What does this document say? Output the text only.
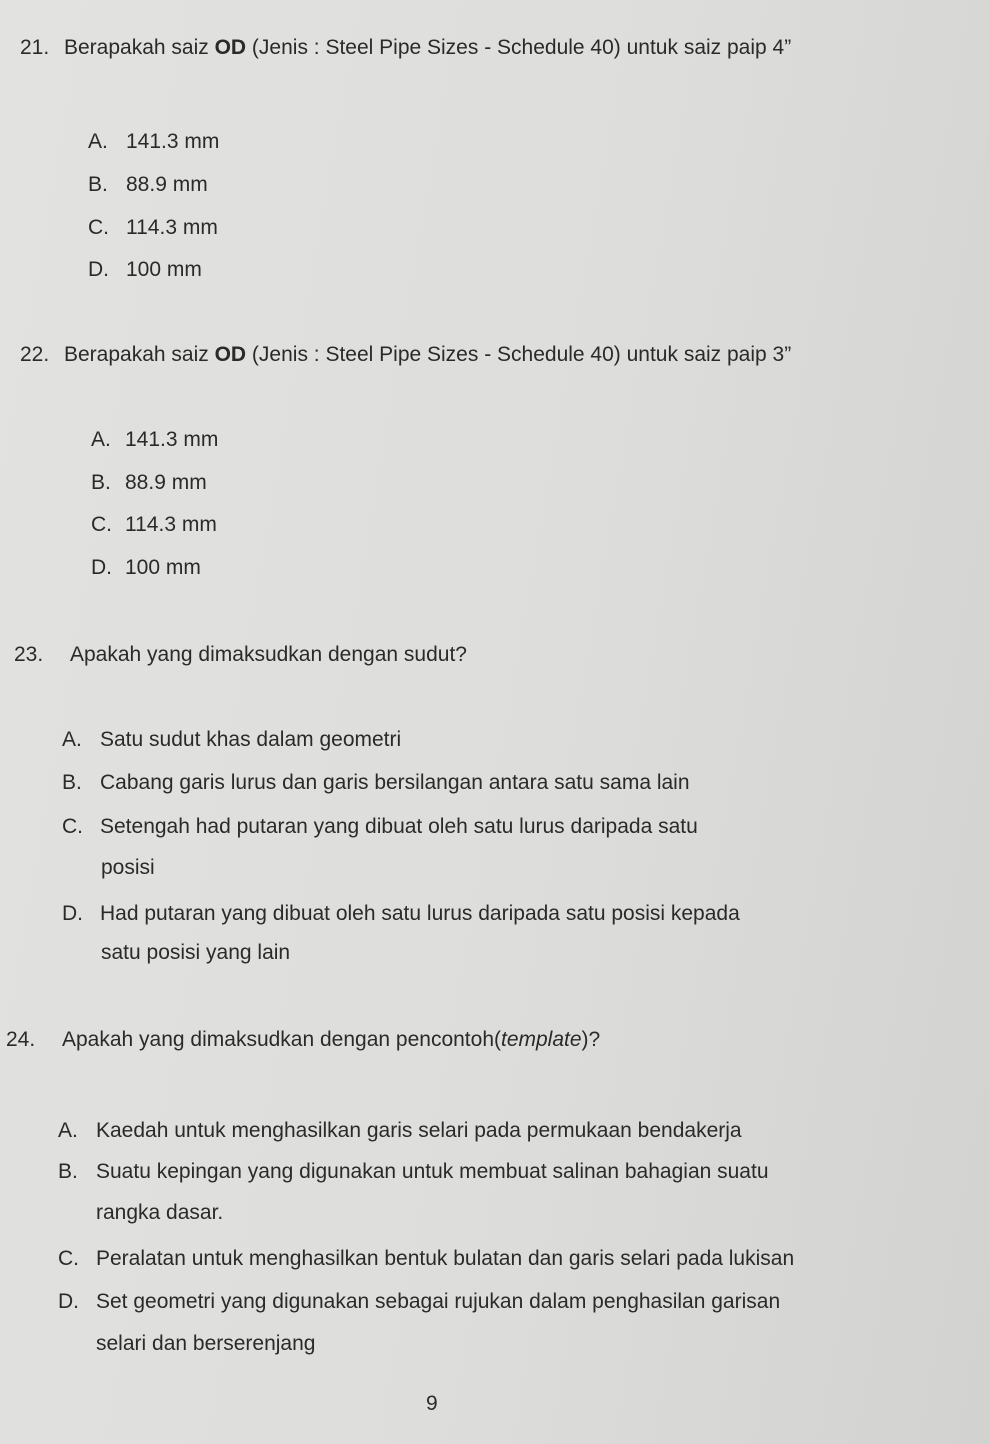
21. Berapakah saiz OD (Jenis : Steel Pipe Sizes - Schedule 40) untuk saiz paip 4”
A. 141.3 mm
B. 88.9 mm
C. 114.3 mm
D. 100 mm
22. Berapakah saiz OD (Jenis : Steel Pipe Sizes - Schedule 40) untuk saiz paip 3”
A. 141.3 mm
B. 88.9 mm
C. 114.3 mm
D. 100 mm
23. Apakah yang dimaksudkan dengan sudut?
A. Satu sudut khas dalam geometri
B. Cabang garis lurus dan garis bersilangan antara satu sama lain
C. Setengah had putaran yang dibuat oleh satu lurus daripada satu
posisi
D. Had putaran yang dibuat oleh satu lurus daripada satu posisi kepada
satu posisi yang lain
24. Apakah yang dimaksudkan dengan pencontoh(template)?
A. Kaedah untuk menghasilkan garis selari pada permukaan bendakerja
B. Suatu kepingan yang digunakan untuk membuat salinan bahagian suatu
rangka dasar.
C. Peralatan untuk menghasilkan bentuk bulatan dan garis selari pada lukisan
D. Set geometri yang digunakan sebagai rujukan dalam penghasilan garisan
selari dan berserenjang
9
